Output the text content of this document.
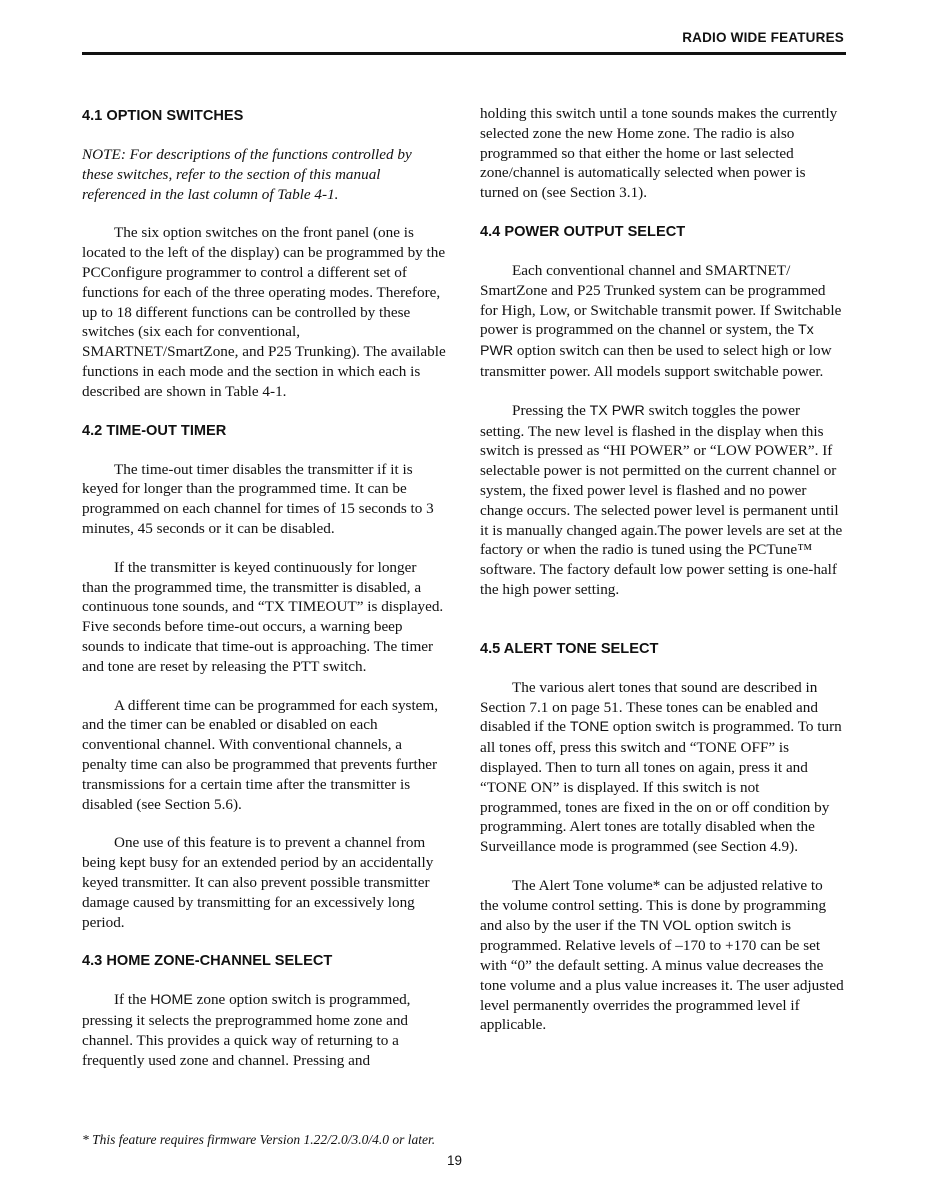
RADIO WIDE FEATURES
4.1 OPTION SWITCHES

NOTE: For descriptions of the functions controlled by these switches, refer to the section of this manual referenced in the last column of Table 4-1.

The six option switches on the front panel (one is located to the left of the display) can be programmed by the PCConfigure programmer to control a different set of functions for each of the three operating modes. Therefore, up to 18 different functions can be controlled by these switches (six each for conventional, SMARTNET/SmartZone, and P25 Trunking). The available functions in each mode and the section in which each is described are shown in Table 4-1.

4.2 TIME-OUT TIMER

The time-out timer disables the transmitter if it is keyed for longer than the programmed time. It can be programmed on each channel for times of 15 seconds to 3 minutes, 45 seconds or it can be disabled.

If the transmitter is keyed continuously for longer than the programmed time, the transmitter is disabled, a continuous tone sounds, and “TX TIMEOUT” is displayed. Five seconds before time-out occurs, a warning beep sounds to indicate that time-out is approaching. The timer and tone are reset by releasing the PTT switch.

A different time can be programmed for each system, and the timer can be enabled or disabled on each conventional channel. With conventional channels, a penalty time can also be programmed that prevents further transmissions for a certain time after the transmitter is disabled (see Section 5.6).

One use of this feature is to prevent a channel from being kept busy for an extended period by an accidentally keyed transmitter. It can also prevent possible transmitter damage caused by transmitting for an excessively long period.

4.3 HOME ZONE-CHANNEL SELECT

If the HOME zone option switch is programmed, pressing it selects the preprogrammed home zone and channel. This provides a quick way of returning to a frequently used zone and channel. Pressing and

holding this switch until a tone sounds makes the currently selected zone the new Home zone. The radio is also programmed so that either the home or last selected zone/channel is automatically selected when power is turned on (see Section 3.1).

4.4 POWER OUTPUT SELECT

Each conventional channel and SMARTNET/ SmartZone and P25 Trunked system can be programmed for High, Low, or Switchable transmit power. If Switchable power is programmed on the channel or system, the Tx PWR option switch can then be used to select high or low transmitter power. All models support switchable power.

Pressing the TX PWR switch toggles the power setting. The new level is flashed in the display when this switch is pressed as “HI POWER” or “LOW POWER”. If selectable power is not permitted on the current channel or system, the fixed power level is flashed and no power change occurs. The selected power level is permanent until it is manually changed again.The power levels are set at the factory or when the radio is tuned using the PCTune™ software. The factory default low power setting is one-half the high power setting.

4.5 ALERT TONE SELECT

The various alert tones that sound are described in Section 7.1 on page 51. These tones can be enabled and disabled if the TONE option switch is programmed. To turn all tones off, press this switch and “TONE OFF” is displayed. Then to turn all tones on again, press it and “TONE ON” is displayed. If this switch is not programmed, tones are fixed in the on or off condition by programming. Alert tones are totally disabled when the Surveillance mode is programmed (see Section 4.9).

The Alert Tone volume* can be adjusted relative to the volume control setting. This is done by programming and also by the user if the TN VOL option switch is programmed. Relative levels of –170 to +170 can be set with “0” the default setting. A minus value decreases the tone volume and a plus value increases it. The user adjusted level permanently overrides the programmed level if applicable.

* This feature requires firmware Version 1.22/2.0/3.0/4.0 or later.
19
